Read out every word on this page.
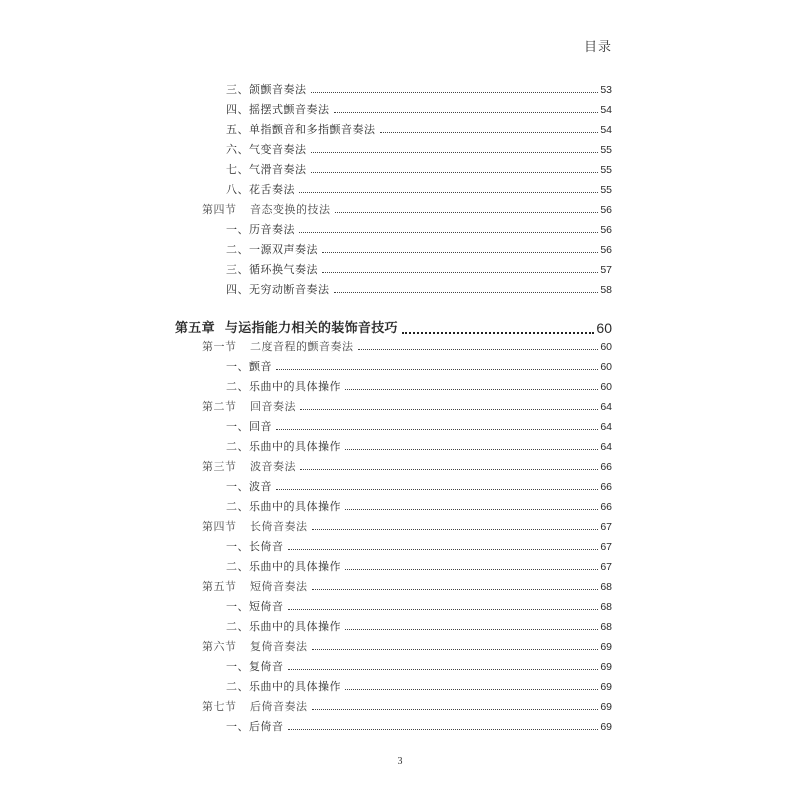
目录
三、颌颤音奏法	53
四、摇摆式颤音奏法	54
五、单指颤音和多指颤音奏法	54
六、气变音奏法	55
七、气滑音奏法	55
八、花舌奏法	55
第四节 音态变换的技法	56
一、历音奏法	56
二、一源双声奏法	56
三、循环换气奏法	57
四、无穷动断音奏法	58
第五章 与运指能力相关的装饰音技巧	60
第一节 二度音程的颤音奏法	60
一、颤音	60
二、乐曲中的具体操作	60
第二节 回音奏法	64
一、回音	64
二、乐曲中的具体操作	64
第三节 波音奏法	66
一、波音	66
二、乐曲中的具体操作	66
第四节 长倚音奏法	67
一、长倚音	67
二、乐曲中的具体操作	67
第五节 短倚音奏法	68
一、短倚音	68
二、乐曲中的具体操作	68
第六节 复倚音奏法	69
一、复倚音	69
二、乐曲中的具体操作	69
第七节 后倚音奏法	69
一、后倚音	69
3
